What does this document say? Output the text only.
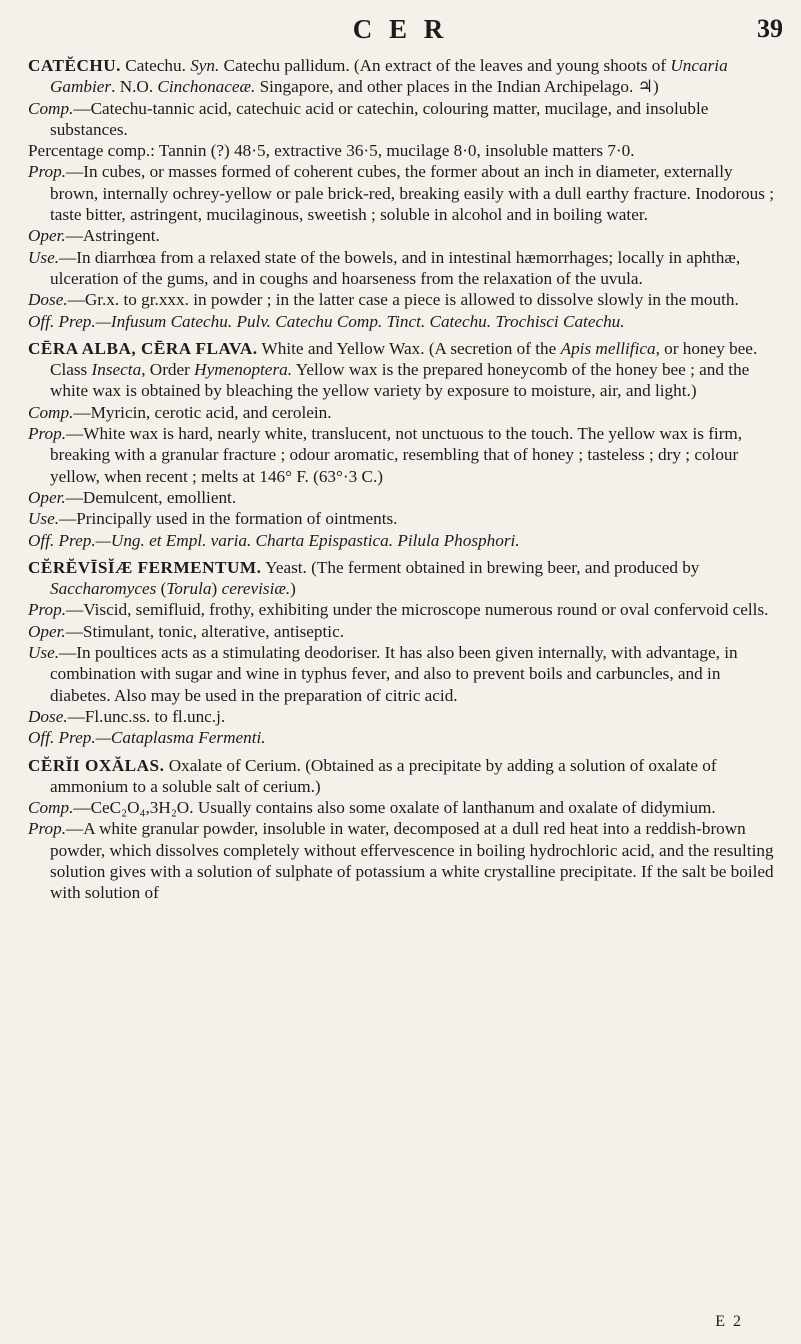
C E R	39

CATĔCHU. Catechu. Syn. Catechu pallidum. (An extract of the leaves and young shoots of Uncaria Gambier. N.O. Cinchonaceæ. Singapore, and other places in the Indian Archipelago. ♃)

Comp.—Catechu-tannic acid, catechuic acid or catechin, colouring matter, mucilage, and insoluble substances.

Percentage comp.: Tannin (?) 48·5, extractive 36·5, mucilage 8·0, insoluble matters 7·0.

Prop.—In cubes, or masses formed of coherent cubes, the former about an inch in diameter, externally brown, internally ochrey-yellow or pale brick-red, breaking easily with a dull earthy fracture. Inodorous ; taste bitter, astringent, mucilaginous, sweetish ; soluble in alcohol and in boiling water.

Oper.—Astringent.

Use.—In diarrhœa from a relaxed state of the bowels, and in intestinal hæmorrhages; locally in aphthæ, ulceration of the gums, and in coughs and hoarseness from the relaxation of the uvula.

Dose.—Gr.x. to gr.xxx. in powder ; in the latter case a piece is allowed to dissolve slowly in the mouth.

Off. Prep.—Infusum Catechu. Pulv. Catechu Comp. Tinct. Catechu. Trochisci Catechu.

CĒRA ALBA, CĒRA FLAVA. White and Yellow Wax. (A secretion of the Apis mellifica, or honey bee. Class Insecta, Order Hymenoptera. Yellow wax is the prepared honeycomb of the honey bee ; and the white wax is obtained by bleaching the yellow variety by exposure to moisture, air, and light.)

Comp.—Myricin, cerotic acid, and cerolein.

Prop.—White wax is hard, nearly white, translucent, not unctuous to the touch. The yellow wax is firm, breaking with a granular fracture ; odour aromatic, resembling that of honey ; tasteless ; dry ; colour yellow, when recent ; melts at 146° F. (63°·3 C.)

Oper.—Demulcent, emollient.

Use.—Principally used in the formation of ointments.

Off. Prep.—Ung. et Empl. varia. Charta Epispastica. Pilula Phosphori.

CĔRĔVĪSĬÆ FERMENTUM. Yeast. (The ferment obtained in brewing beer, and produced by Saccharomyces (Torula) cerevisiæ.)

Prop.—Viscid, semifluid, frothy, exhibiting under the microscope numerous round or oval confervoid cells.

Oper.—Stimulant, tonic, alterative, antiseptic.

Use.—In poultices acts as a stimulating deodoriser. It has also been given internally, with advantage, in combination with sugar and wine in typhus fever, and also to prevent boils and carbuncles, and in diabetes. Also may be used in the preparation of citric acid.

Dose.—Fl.unc.ss. to fl.unc.j.

Off. Prep.—Cataplasma Fermenti.

CĔRĬI OXĂLAS. Oxalate of Cerium. (Obtained as a precipitate by adding a solution of oxalate of ammonium to a soluble salt of cerium.)

Comp.—CeC₂O₄,3H₂O. Usually contains also some oxalate of lanthanum and oxalate of didymium.

Prop.—A white granular powder, insoluble in water, decomposed at a dull red heat into a reddish-brown powder, which dissolves completely without effervescence in boiling hydrochloric acid, and the resulting solution gives with a solution of sulphate of potassium a white crystalline precipitate. If the salt be boiled with solution of

E 2
